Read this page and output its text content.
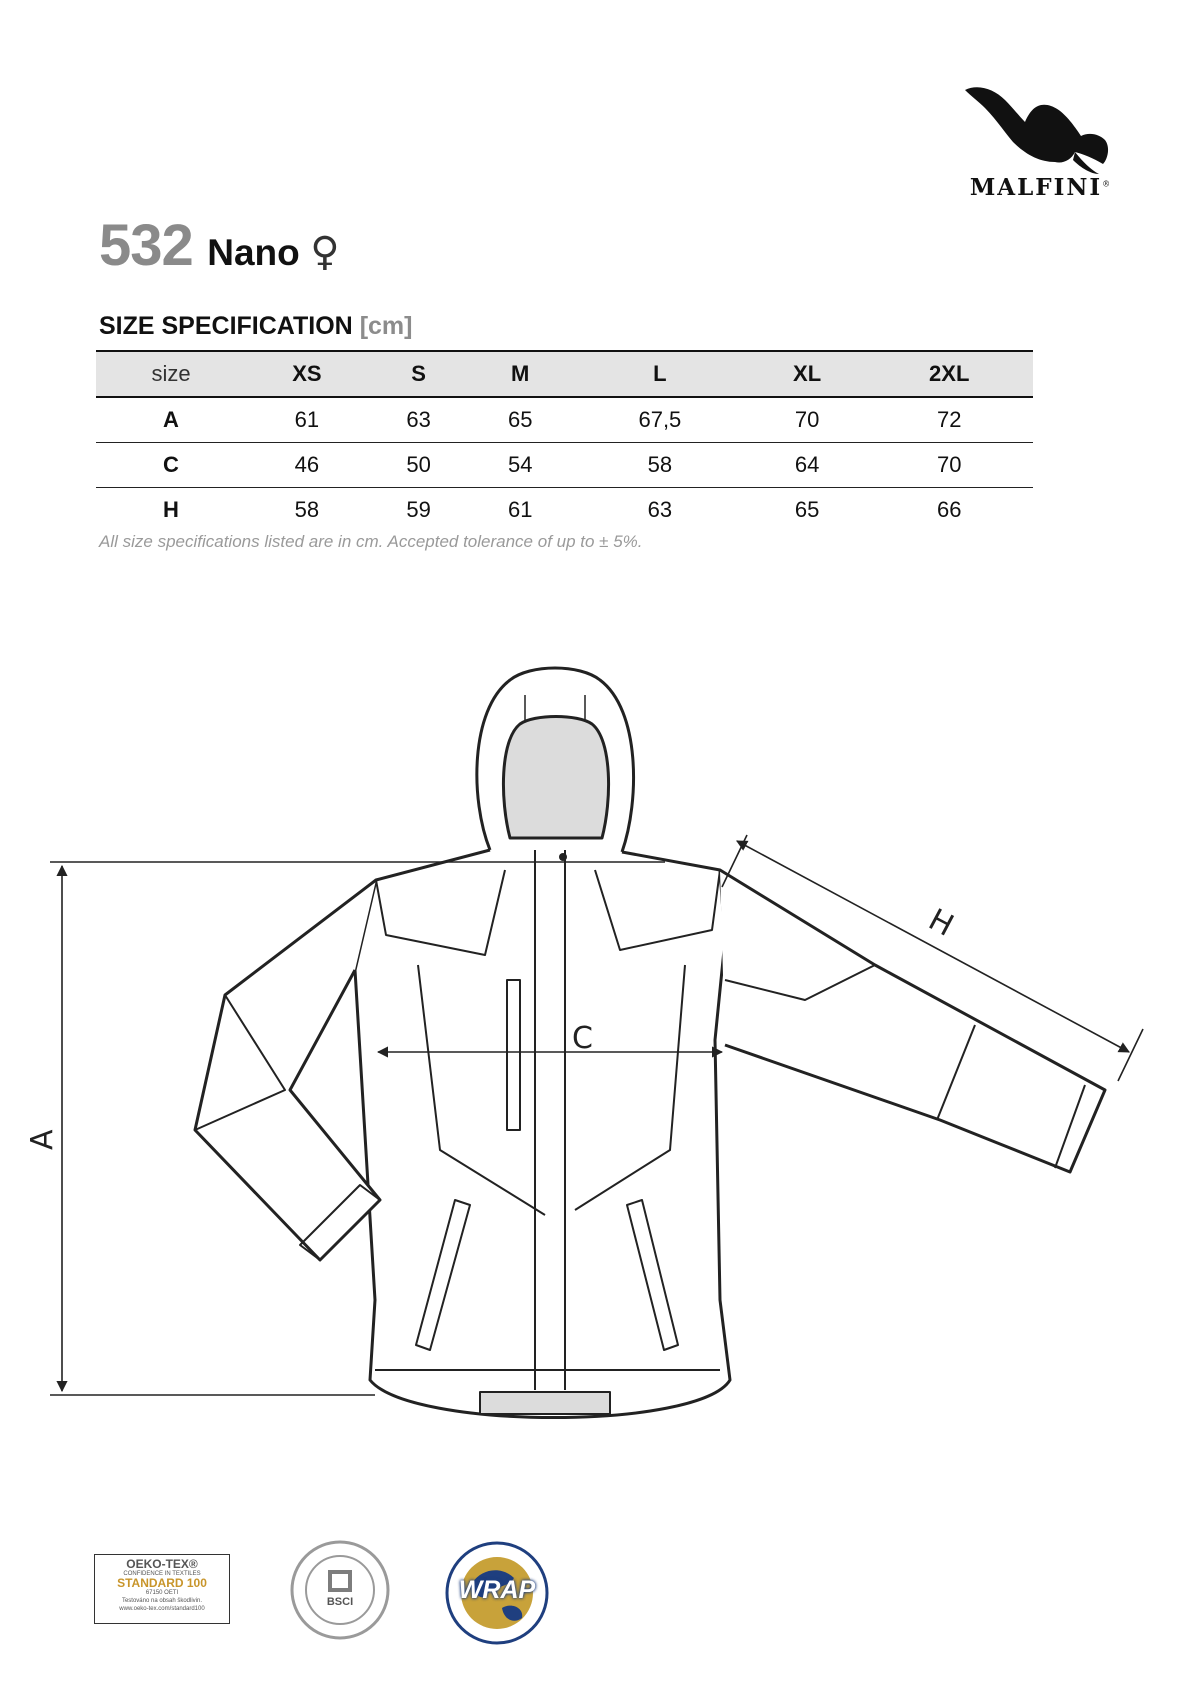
MALFINI®
532 Nano ♀
SIZE SPECIFICATION [cm]
size	XS	S	M	L	XL	2XL
A	61	63	65	67,5	70	72
C	46	50	54	58	64	70
H	58	59	61	63	65	66
All size specifications listed are in cm. Accepted tolerance of up to ± 5%.
A
C
H
OEKO-TEX®
CONFIDENCE IN TEXTILES
STANDARD 100
67150 OETI
Testováno na obsah škodlivin.
www.oeko-tex.com/standard100
BSCI	WRAP
